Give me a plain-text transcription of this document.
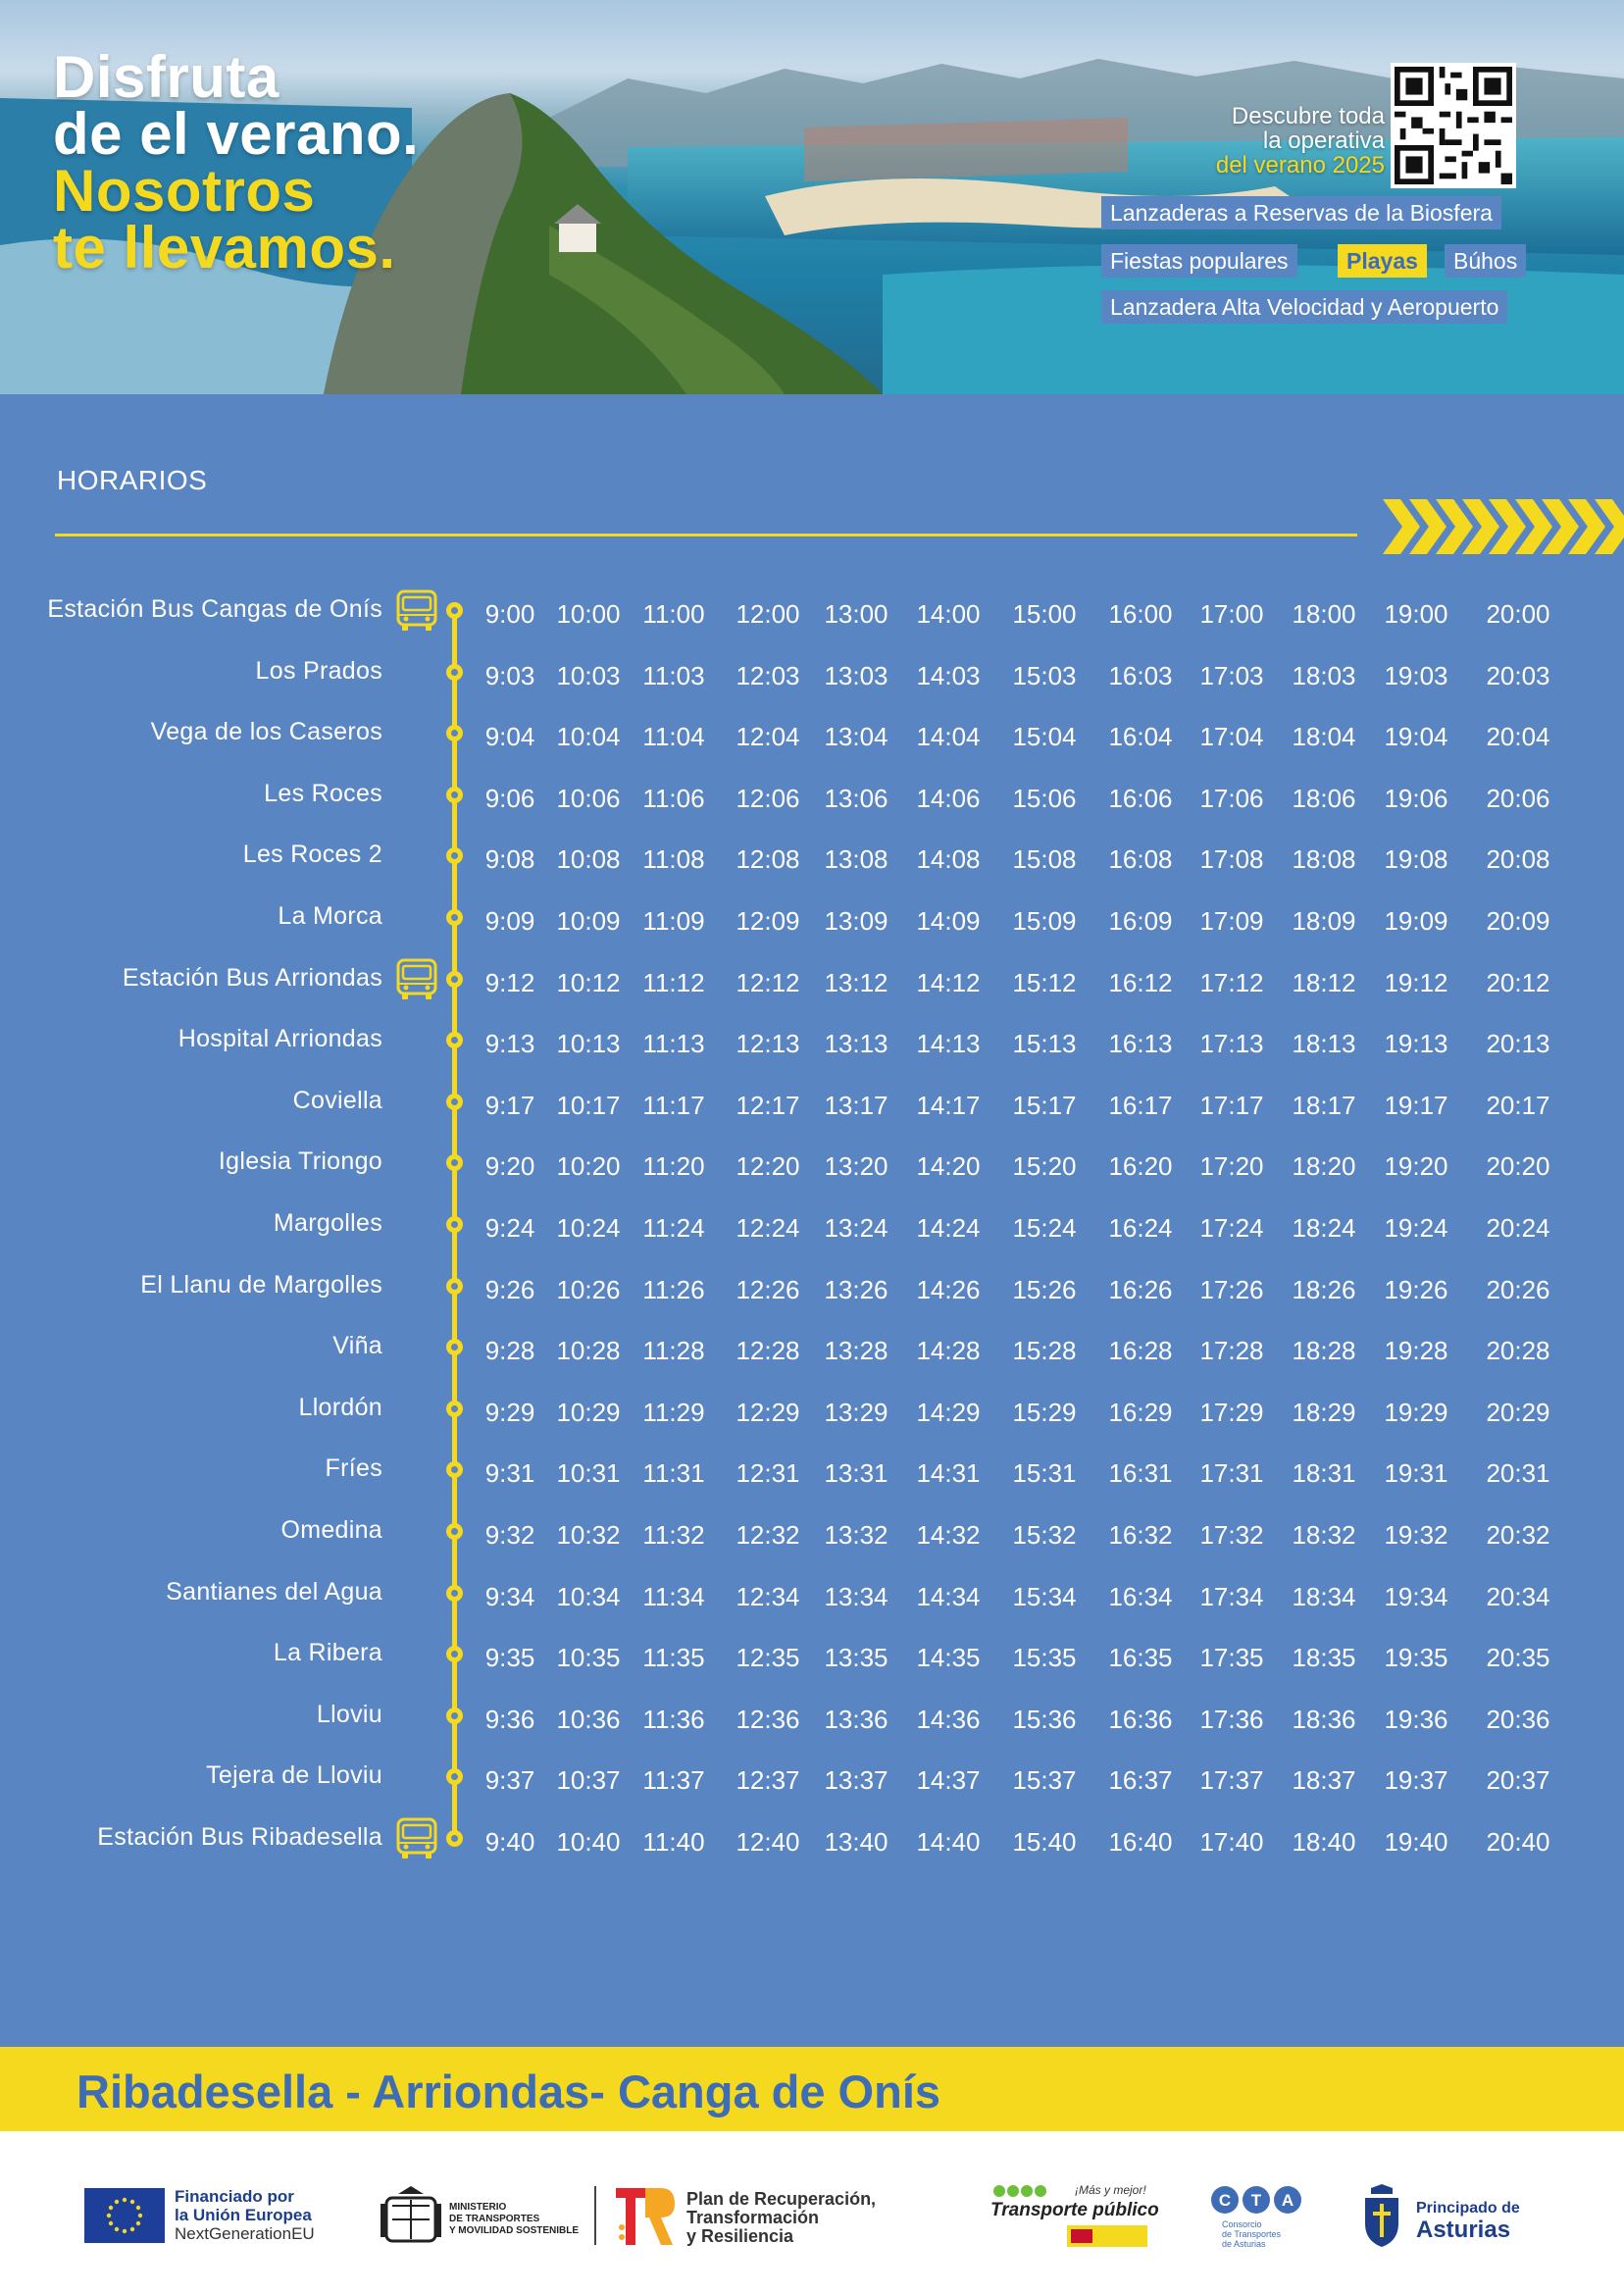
Disfruta
de el verano.
Nosotros
te llevamos.
Descubre toda
la operativa
del verano 2025
Lanzaderas a Reservas de la Biosfera
Fiestas populares	Playas	Búhos
Lanzadera Alta Velocidad y Aeropuerto
HORARIOS
Estación Bus Cangas de Onís	9:00 10:00 11:00	12:00 13:00 14:00 15:00 16:00 17:00 18:00 19:00 20:00
Los Prados	9:03 10:03 11:03	12:03 13:03 14:03 15:03 16:03 17:03 18:03 19:03 20:03
Vega de los Caseros	9:04 10:04 11:04	12:04 13:04 14:04 15:04 16:04 17:04 18:04 19:04 20:04
Les Roces	9:06 10:06 11:06	12:06 13:06 14:06 15:06 16:06 17:06 18:06 19:06 20:06
Les Roces 2	9:08 10:08 11:08	12:08 13:08 14:08 15:08 16:08 17:08 18:08 19:08 20:08
La Morca	9:09 10:09 11:09	12:09 13:09 14:09 15:09 16:09 17:09 18:09 19:09 20:09
Estación Bus Arriondas	9:12 10:12 11:12	12:12 13:12 14:12 15:12 16:12 17:12 18:12 19:12 20:12
Hospital Arriondas	9:13 10:13 11:13	12:13 13:13 14:13 15:13 16:13 17:13 18:13 19:13 20:13
Coviella	9:17 10:17 11:17	12:17 13:17 14:17 15:17 16:17 17:17 18:17 19:17 20:17
Iglesia Triongo	9:20 10:20 11:20	12:20 13:20 14:20 15:20 16:20 17:20 18:20 19:20 20:20
Margolles	9:24 10:24 11:24	12:24 13:24 14:24 15:24 16:24 17:24 18:24 19:24 20:24
El Llanu de Margolles	9:26 10:26 11:26	12:26 13:26 14:26 15:26 16:26 17:26 18:26 19:26 20:26
Viña	9:28 10:28 11:28	12:28 13:28 14:28 15:28 16:28 17:28 18:28 19:28 20:28
Llordón	9:29 10:29 11:29	12:29 13:29 14:29 15:29 16:29 17:29 18:29 19:29 20:29
Fríes	9:31 10:31 11:31	12:31 13:31 14:31 15:31 16:31 17:31 18:31 19:31 20:31
Omedina	9:32 10:32 11:32	12:32 13:32 14:32 15:32 16:32 17:32 18:32 19:32 20:32
Santianes del Agua	9:34 10:34 11:34	12:34 13:34 14:34 15:34 16:34 17:34 18:34 19:34 20:34
La Ribera	9:35 10:35 11:35	12:35 13:35 14:35 15:35 16:35 17:35 18:35 19:35 20:35
Lloviu	9:36 10:36 11:36	12:36 13:36 14:36 15:36 16:36 17:36 18:36 19:36 20:36
Tejera de Lloviu	9:37 10:37 11:37	12:37 13:37 14:37 15:37 16:37 17:37 18:37 19:37 20:37
Estación Bus Ribadesella	9:40 10:40 11:40	12:40 13:40 14:40 15:40 16:40 17:40 18:40 19:40 20:40
Ribadesella - Arriondas- Canga de Onís
Financiado por
la Unión Europea
NextGenerationEU
MINISTERIO
DE TRANSPORTES
Y MOVILIDAD SOSTENIBLE
Plan de Recuperación,
Transformación
y Resiliencia
¡Más y mejor!
Transporte público	C T A
Consorcio
de Transportes
de Asturias
Principado de
Asturias
